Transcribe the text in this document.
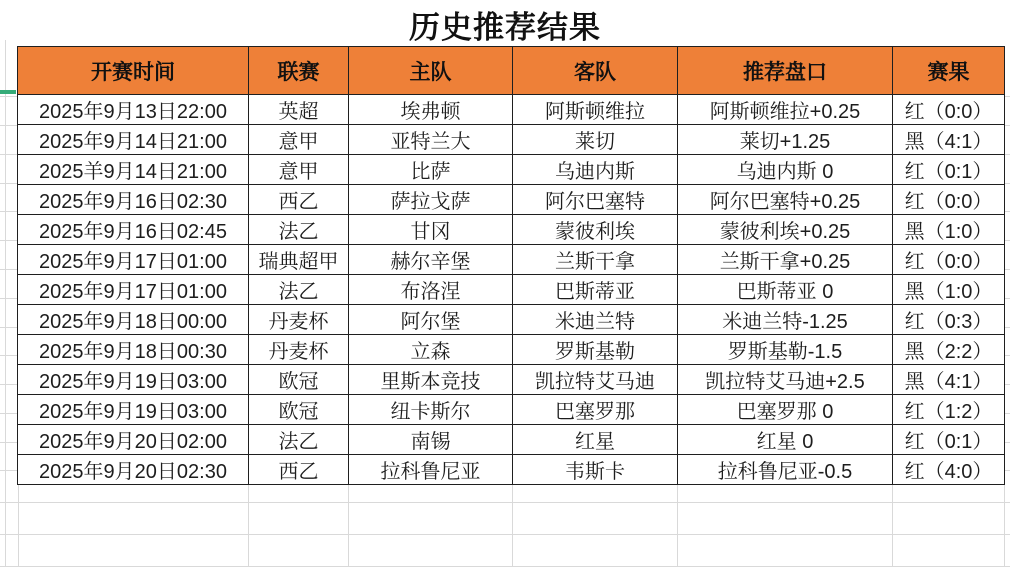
历史推荐结果
开赛时间	联赛	主队	客队	推荐盘口	赛果
2025年9月13日22:00	英超	埃弗顿	阿斯顿维拉	阿斯顿维拉+0.25	红（0:0）
2025年9月14日21:00	意甲	亚特兰大	莱切	莱切+1.25	黑（4:1）
2025羊9月14日21:00	意甲	比萨	乌迪内斯	乌迪内斯 0	红（0:1）
2025年9月16日02:30	西乙	萨拉戈萨	阿尔巴塞特	阿尔巴塞特+0.25	红（0:0）
2025年9月16日02:45	法乙	甘冈	蒙彼利埃	蒙彼利埃+0.25	黑（1:0）
2025年9月17日01:00	瑞典超甲	赫尔辛堡	兰斯干拿	兰斯干拿+0.25	红（0:0）
2025年9月17日01:00	法乙	布洛涅	巴斯蒂亚	巴斯蒂亚 0	黑（1:0）
2025年9月18日00:00	丹麦杯	阿尔堡	米迪兰特	米迪兰特-1.25	红（0:3）
2025年9月18日00:30	丹麦杯	立森	罗斯基勒	罗斯基勒-1.5	黑（2:2）
2025年9月19日03:00	欧冠	里斯本竞技	凯拉特艾马迪	凯拉特艾马迪+2.5	黑（4:1）
2025年9月19日03:00	欧冠	纽卡斯尔	巴塞罗那	巴塞罗那 0	红（1:2）
2025年9月20日02:00	法乙	南锡	红星	红星 0	红（0:1）
2025年9月20日02:30	西乙	拉科鲁尼亚	韦斯卡	拉科鲁尼亚-0.5	红（4:0）
